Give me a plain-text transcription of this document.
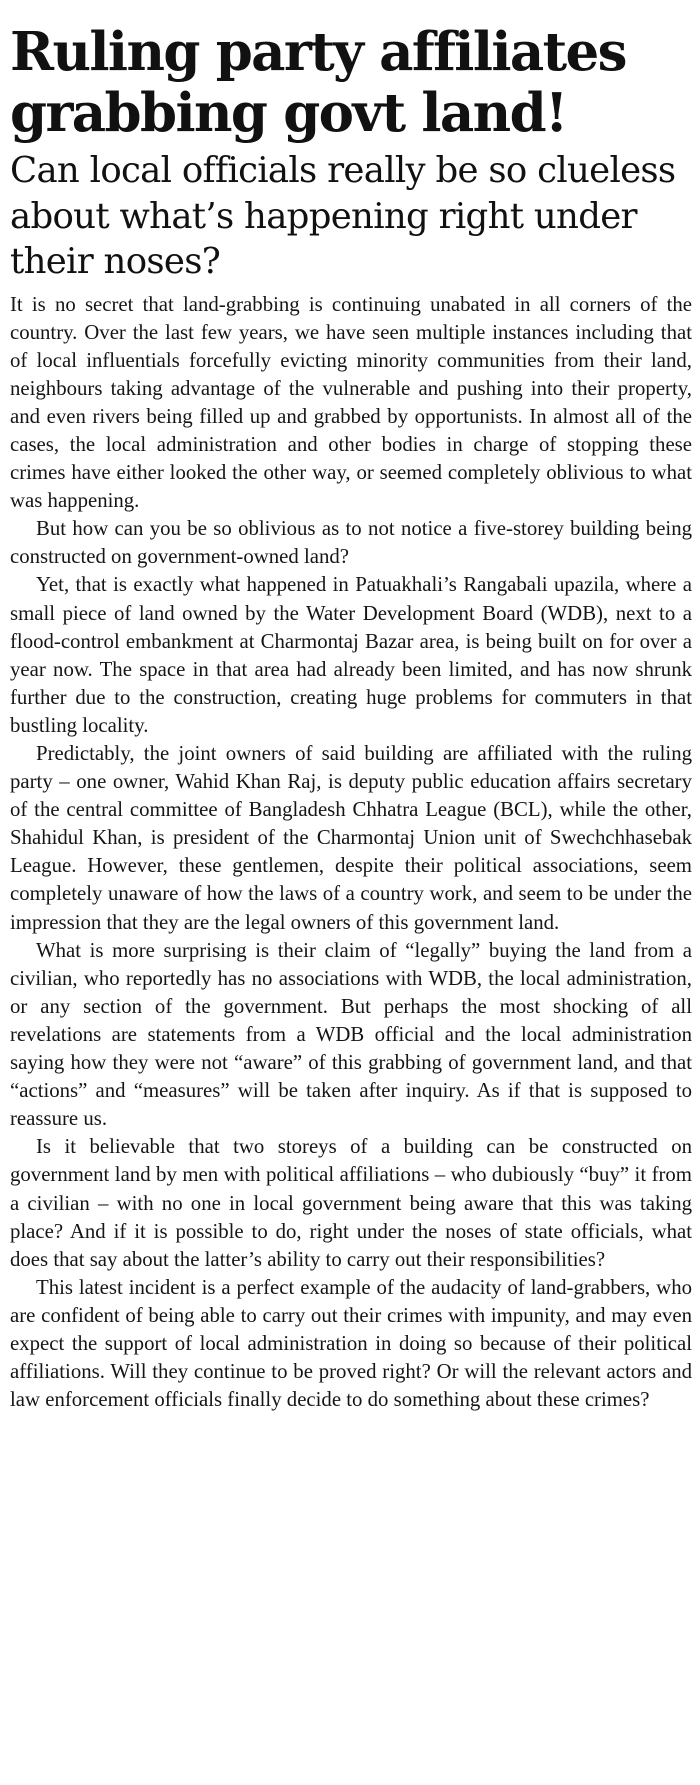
Ruling party affiliates grabbing govt land!
Can local officials really be so clueless about what’s happening right under their noses?

It is no secret that land-grabbing is continuing unabated in all corners of the country. Over the last few years, we have seen multiple instances including that of local influentials forcefully evicting minority communities from their land, neighbours taking advantage of the vulnerable and pushing into their property, and even rivers being filled up and grabbed by opportunists. In almost all of the cases, the local administration and other bodies in charge of stopping these crimes have either looked the other way, or seemed completely oblivious to what was happening.

But how can you be so oblivious as to not notice a five-storey building being constructed on government-owned land?

Yet, that is exactly what happened in Patuakhali’s Rangabali upazila, where a small piece of land owned by the Water Development Board (WDB), next to a flood-control embankment at Charmontaj Bazar area, is being built on for over a year now. The space in that area had already been limited, and has now shrunk further due to the construction, creating huge problems for commuters in that bustling locality.

Predictably, the joint owners of said building are affiliated with the ruling party – one owner, Wahid Khan Raj, is deputy public education affairs secretary of the central committee of Bangladesh Chhatra League (BCL), while the other, Shahidul Khan, is president of the Charmontaj Union unit of Swechchhasebak League. However, these gentlemen, despite their political associations, seem completely unaware of how the laws of a country work, and seem to be under the impression that they are the legal owners of this government land.

What is more surprising is their claim of “legally” buying the land from a civilian, who reportedly has no associations with WDB, the local administration, or any section of the government. But perhaps the most shocking of all revelations are statements from a WDB official and the local administration saying how they were not “aware” of this grabbing of government land, and that “actions” and “measures” will be taken after inquiry. As if that is supposed to reassure us.

Is it believable that two storeys of a building can be constructed on government land by men with political affiliations – who dubiously “buy” it from a civilian – with no one in local government being aware that this was taking place? And if it is possible to do, right under the noses of state officials, what does that say about the latter’s ability to carry out their responsibilities?

This latest incident is a perfect example of the audacity of land-grabbers, who are confident of being able to carry out their crimes with impunity, and may even expect the support of local administration in doing so because of their political affiliations. Will they continue to be proved right? Or will the relevant actors and law enforcement officials finally decide to do something about these crimes?
